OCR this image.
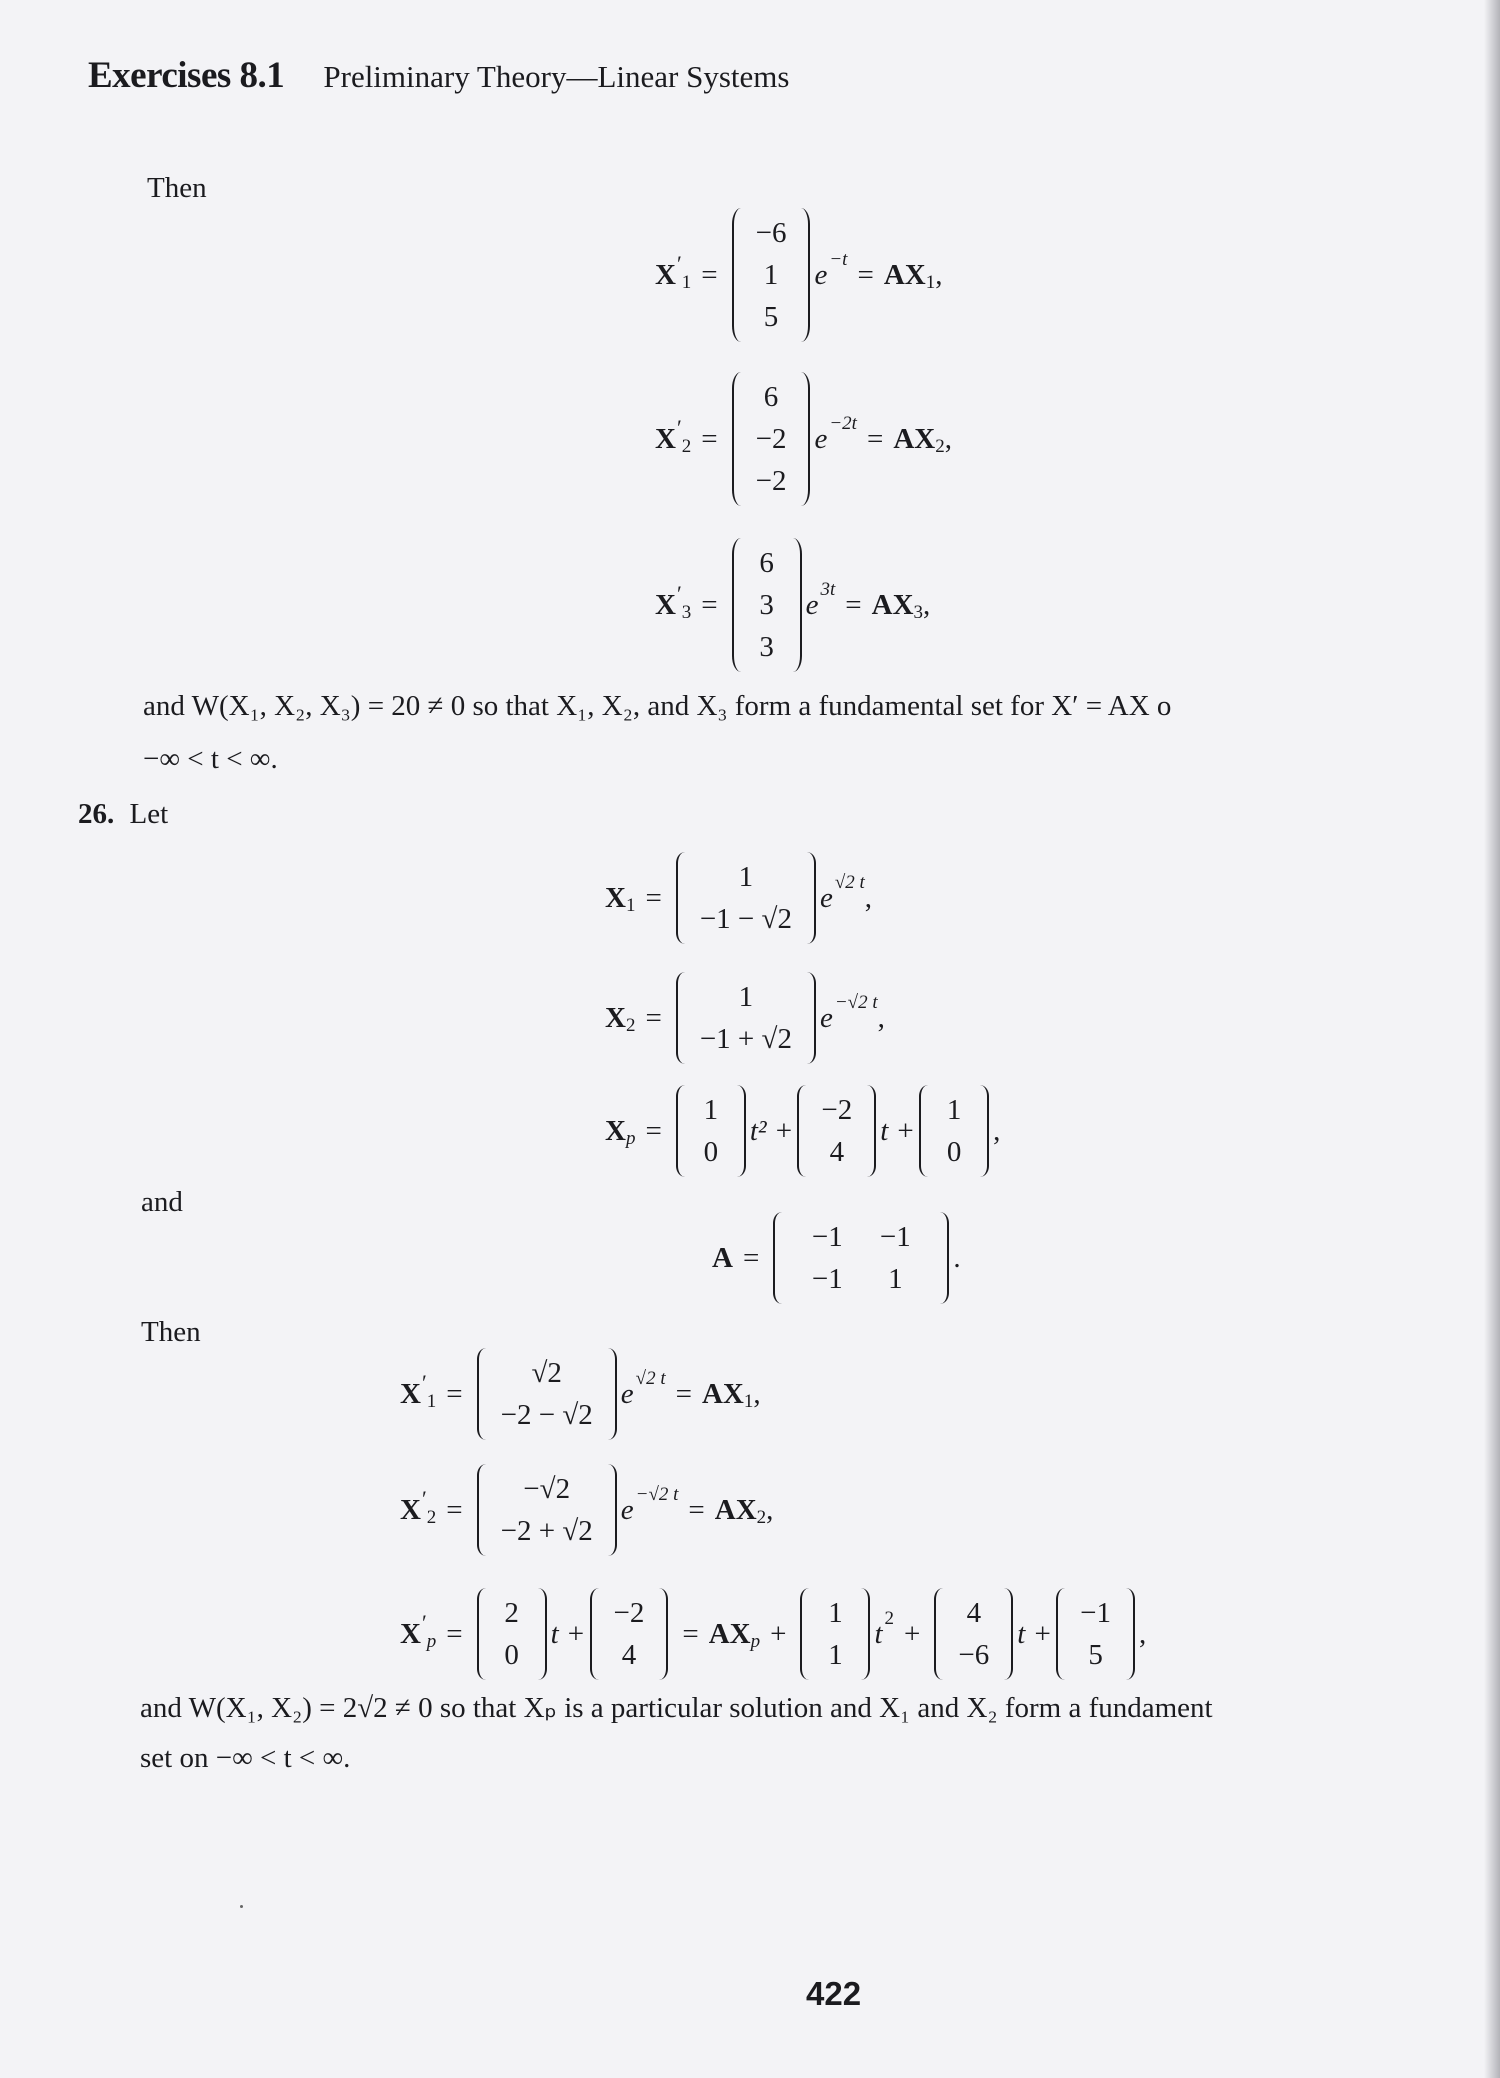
Exercises 8.1 Preliminary Theory—Linear Systems
Then
X ′
1 =
−6
1
5
e −t = AX 1 ,
X ′
2 =
6
−2
−2
e −2t = AX 2 ,
X ′
3 =
6
3
3
e 3t = AX 3 ,
and W(X₁, X₂, X₃) = 20 ≠ 0 so that X₁, X₂, and X₃ form a fundamental set for X′ = AX o
−∞ < t < ∞.
26. Let
X 1 =
1
−1 − √2
e √2 t ,
X 2 =
1
−1 + √2
e −√2 t ,
X p =
1
0
t² +
−2
4
t +
1
0
,
and
A =
−1	−1
−1	1
.
Then
X ′
1 =
√2
−2 − √2
e √2 t = AX 1 ,
X ′
2 =
−√2
−2 + √2
e −√2 t = AX 2 ,
X ′
p =
2
0
t +
−2
4
= AX p +
1
1
t 2 +
4
−6
t +
−1
5
,
and W(X₁, X₂) = 2√2 ≠ 0 so that Xₚ is a particular solution and X₁ and X₂ form a fundament
set on −∞ < t < ∞.
422
